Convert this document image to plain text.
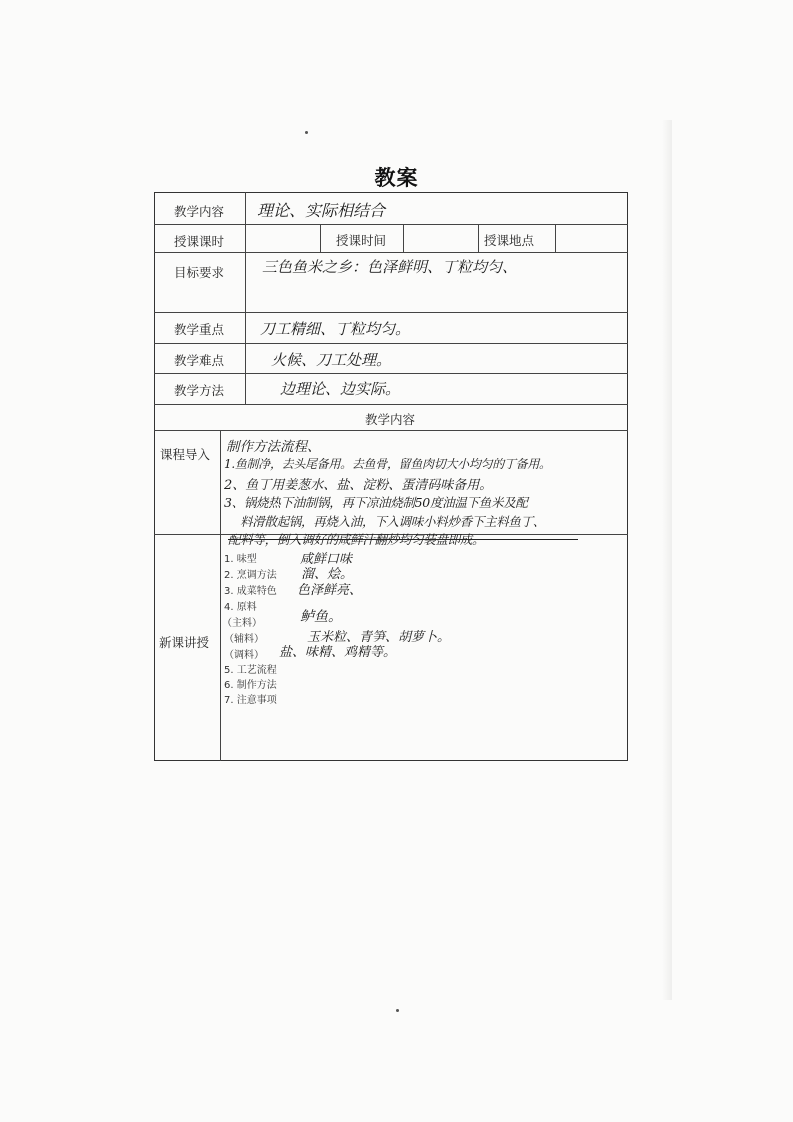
教案
教学内容
授课课时	授课时间	授课地点
目标要求
教学重点
教学难点
教学方法
教学内容
课程导入
新课讲授
理论、实际相结合
三色鱼米之乡：色泽鲜明、丁粒均匀、
刀工精细、丁粒均匀。
火候、刀工处理。
边理论、边实际。
制作方法流程、
1.鱼制净，去头尾备用。去鱼骨，留鱼肉切大小均匀的丁备用。
2、鱼丁用姜葱水、盐、淀粉、蛋清码味备用。
3、锅烧热下油制锅，再下凉油烧制50度油温下鱼米及配
料滑散起锅，再烧入油，下入调味小料炒香下主料鱼丁、
配料等，倒入调好的咸鲜汁翻炒均匀装盘即成。
1. 味型
2. 烹调方法
3. 成菜特色
4. 原料
（主料）
（辅料）
（调料）
5. 工艺流程
6. 制作方法
7. 注意事项
咸鲜口味
溜、烩。
色泽鲜亮、
鲈鱼。
玉米粒、青笋、胡萝卜。
盐、味精、鸡精等。
